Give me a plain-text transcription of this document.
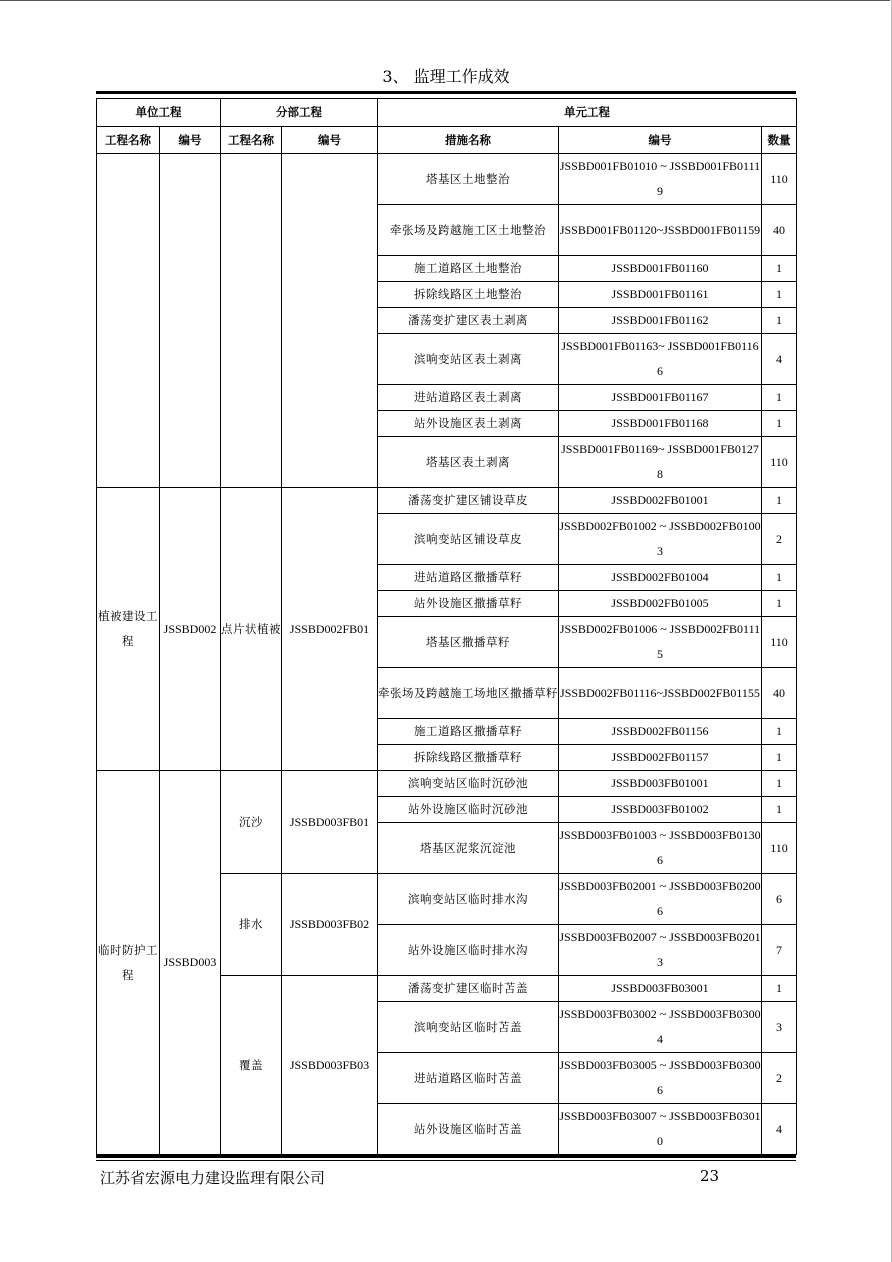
3、 监理工作成效
单位工程		分部工程		单元工程		
工程名称	编号	工程名称	编号	措施名称	编号	数量
				塔基区土地整治	JSSBD001FB01010 ~ JSSBD001FB01119	110
				牵张场及跨越施工区土地整治	JSSBD001FB01120~JSSBD001FB01159	40
				施工道路区土地整治	JSSBD001FB01160	1
				拆除线路区土地整治	JSSBD001FB01161	1
				潘荡变扩建区表土剥离	JSSBD001FB01162	1
				滨响变站区表土剥离	JSSBD001FB01163~ JSSBD001FB01166	4
				进站道路区表土剥离	JSSBD001FB01167	1
				站外设施区表土剥离	JSSBD001FB01168	1
				塔基区表土剥离	JSSBD001FB01169~ JSSBD001FB01278	110
植被建设工程	JSSBD002	点片状植被	JSSBD002FB01	潘荡变扩建区铺设草皮	JSSBD002FB01001	1
				滨响变站区铺设草皮	JSSBD002FB01002 ~ JSSBD002FB01003	2
				进站道路区撒播草籽	JSSBD002FB01004	1
				站外设施区撒播草籽	JSSBD002FB01005	1
				塔基区撒播草籽	JSSBD002FB01006 ~ JSSBD002FB01115	110
				牵张场及跨越施工场地区撒播草籽	JSSBD002FB01116~JSSBD002FB01155	40
				施工道路区撒播草籽	JSSBD002FB01156	1
				拆除线路区撒播草籽	JSSBD002FB01157	1
临时防护工程	JSSBD003	沉沙	JSSBD003FB01	滨响变站区临时沉砂池	JSSBD003FB01001	1
				站外设施区临时沉砂池	JSSBD003FB01002	1
				塔基区泥浆沉淀池	JSSBD003FB01003 ~ JSSBD003FB01306	110
		排水	JSSBD003FB02	滨响变站区临时排水沟	JSSBD003FB02001 ~ JSSBD003FB02006	6
				站外设施区临时排水沟	JSSBD003FB02007 ~ JSSBD003FB02013	7
		覆盖	JSSBD003FB03	潘荡变扩建区临时苫盖	JSSBD003FB03001	1
				滨响变站区临时苫盖	JSSBD003FB03002 ~ JSSBD003FB03004	3
				进站道路区临时苫盖	JSSBD003FB03005 ~ JSSBD003FB03006	2
				站外设施区临时苫盖	JSSBD003FB03007 ~ JSSBD003FB03010	4
江苏省宏源电力建设监理有限公司	23
